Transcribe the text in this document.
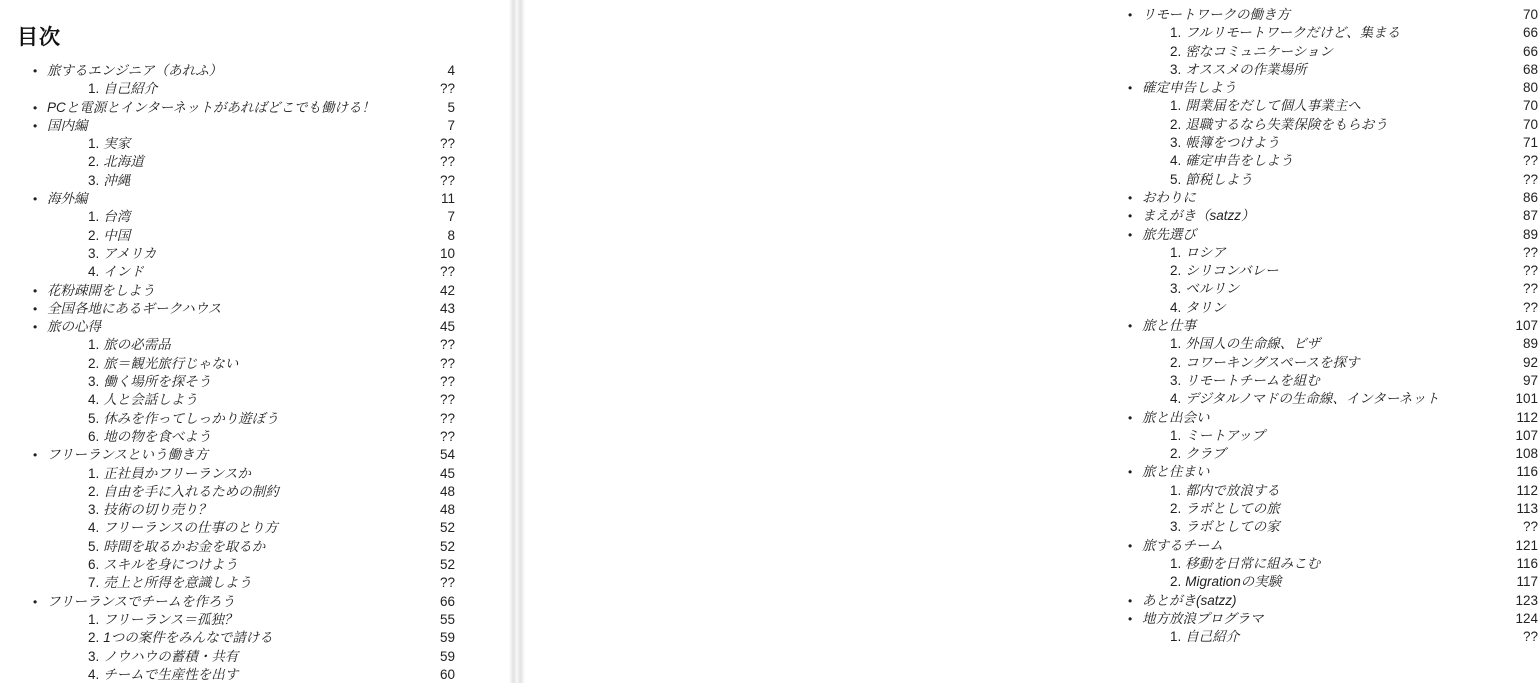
目次
• 旅するエンジニア（あれふ）	4
1. 自己紹介	??
• PCと電源とインターネットがあればどこでも働ける！	5
• 国内編	7
1. 実家	??
2. 北海道	??
3. 沖縄	??
• 海外編	11
1. 台湾	7
2. 中国	8
3. アメリカ	10
4. インド	??
• 花粉疎開をしよう	42
• 全国各地にあるギークハウス	43
• 旅の心得	45
1. 旅の必需品	??
2. 旅＝観光旅行じゃない	??
3. 働く場所を探そう	??
4. 人と会話しよう	??
5. 休みを作ってしっかり遊ぼう	??
6. 地の物を食べよう	??
• フリーランスという働き方	54
1. 正社員かフリーランスか	45
2. 自由を手に入れるための制約	48
3. 技術の切り売り？	48
4. フリーランスの仕事のとり方	52
5. 時間を取るかお金を取るか	52
6. スキルを身につけよう	52
7. 売上と所得を意識しよう	??
• フリーランスでチームを作ろう	66
1. フリーランス＝孤独？	55
2. 1つの案件をみんなで請ける	59
3. ノウハウの蓄積・共有	59
4. チームで生産性を出す	60
• リモートワークの働き方	70
1. フルリモートワークだけど、集まる	66
2. 密なコミュニケーション	66
3. オススメの作業場所	68
• 確定申告しよう	80
1. 開業届をだして個人事業主へ	70
2. 退職するなら失業保険をもらおう	70
3. 帳簿をつけよう	71
4. 確定申告をしよう	??
5. 節税しよう	??
• おわりに	86
• まえがき（satzz）	87
• 旅先選び	89
1. ロシア	??
2. シリコンバレー	??
3. ベルリン	??
4. タリン	??
• 旅と仕事	107
1. 外国人の生命線、ビザ	89
2. コワーキングスペースを探す	92
3. リモートチームを組む	97
4. デジタルノマドの生命線、インターネット	101
• 旅と出会い	112
1. ミートアップ	107
2. クラブ	108
• 旅と住まい	116
1. 都内で放浪する	112
2. ラボとしての旅	113
3. ラボとしての家	??
• 旅するチーム	121
1. 移動を日常に組みこむ	116
2. Migrationの実験	117
• あとがき(satzz)	123
• 地方放浪プログラマ	124
1. 自己紹介	??
